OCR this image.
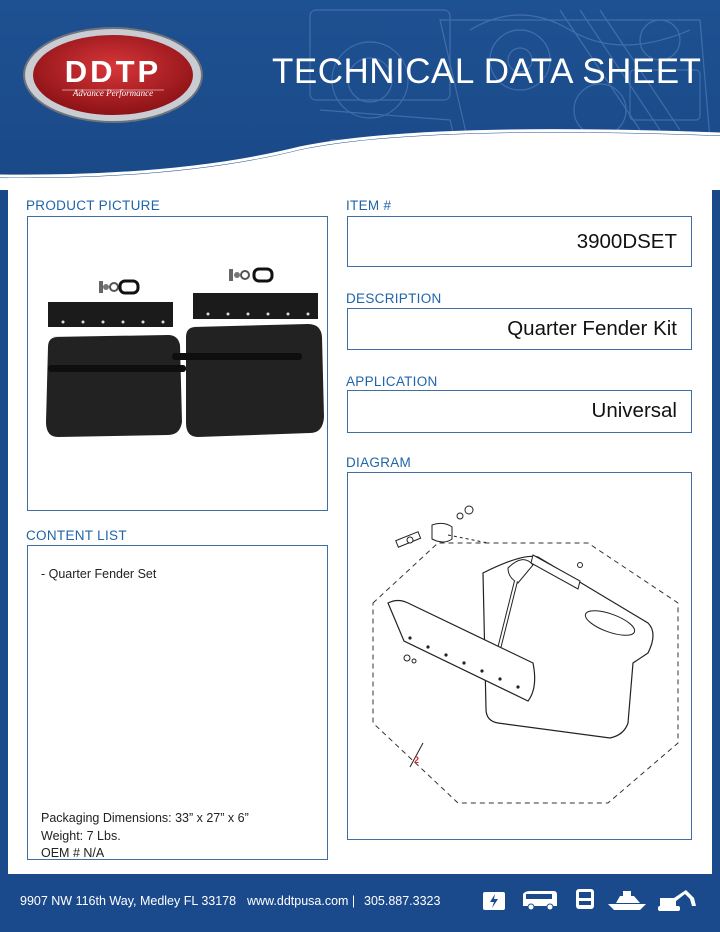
TECHNICAL DATA SHEET
DDTP
Advance Performance
PRODUCT PICTURE	ITEM #
3900DSET
DESCRIPTION
Quarter Fender Kit
APPLICATION
Universal
DIAGRAM
2
CONTENT LIST
- Quarter Fender Set
Packaging Dimensions: 33” x 27” x 6”
Weight: 7 Lbs.
OEM # N/A
9907 NW 116th Way, Medley FL 33178 www.ddtpusa.com | 305.887.3323
